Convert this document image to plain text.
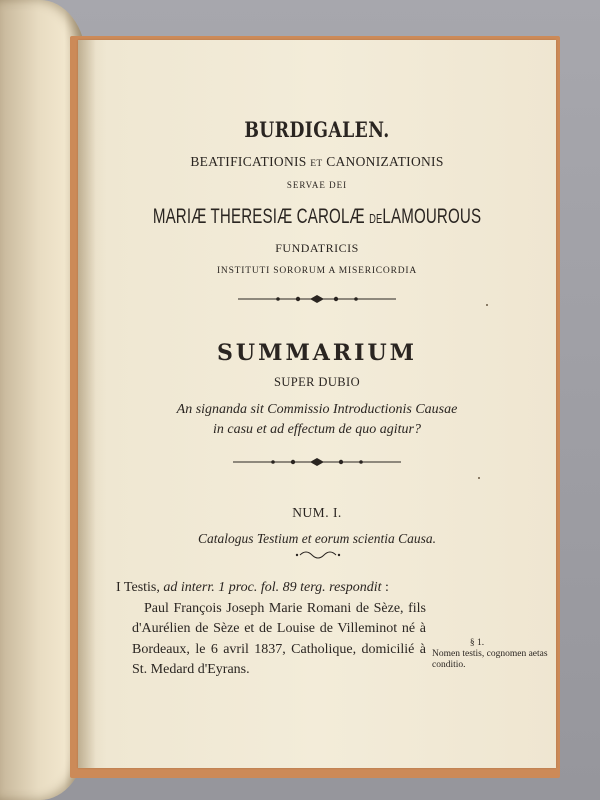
BURDIGALEN.

BEATIFICATIONIS ET CANONIZATIONIS

SERVAE DEI

MARIÆ THERESIÆ CAROLÆ DELAMOUROUS

FUNDATRICIS

INSTITUTI SORORUM A MISERICORDIA

SUMMARIUM

SUPER DUBIO

An signanda sit Commissio Introductionis Causae
in casu et ad effectum de quo agitur?

NUM. I.

Catalogus Testium et eorum scientia Causa.

I Testis, ad interr. 1 proc. fol. 89 terg. respondit :
Paul François Joseph Marie Romani de Sèze, fils d'Aurélien de Sèze et de Louise de Villeminot né à Bordeaux, le 6 avril 1837, Catholique, domicilié à St. Medard d'Eyrans.

§ 1.
Nomen testis, cognomen aetas conditio.
